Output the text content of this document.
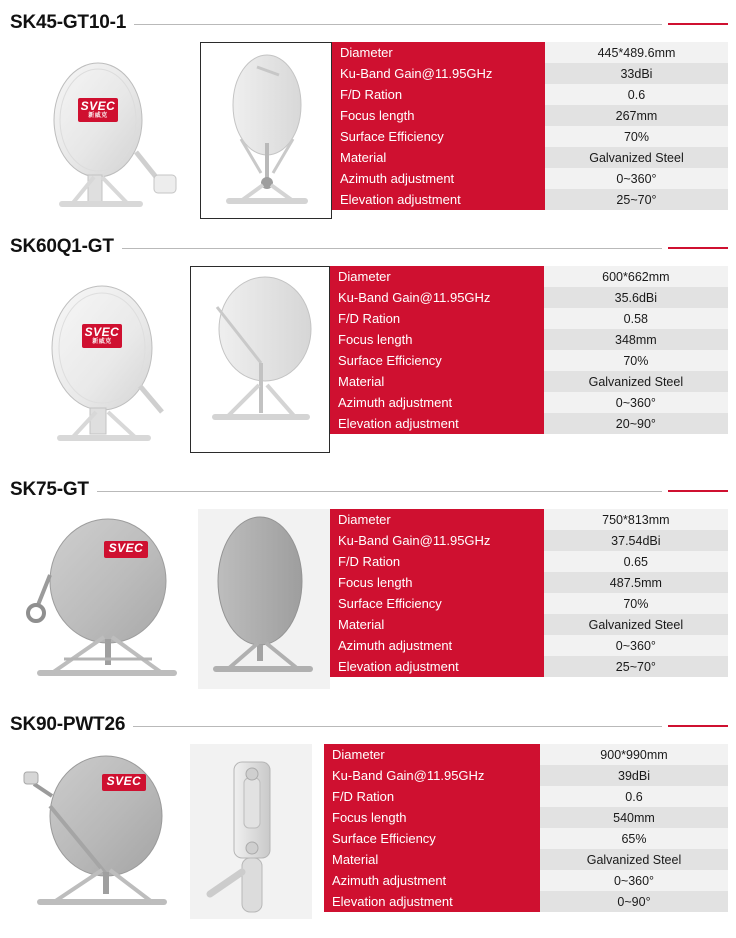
SK45-GT10-1
SVEC
新威克
Diameter	445*489.6mm
Ku-Band Gain@11.95GHz	33dBi
F/D Ration	0.6
Focus length	267mm
Surface Efficiency	70%
Material	Galvanized Steel
Azimuth adjustment	0~360°
Elevation adjustment	25~70°
SK60Q1-GT
SVEC
新威克
Diameter	600*662mm
Ku-Band Gain@11.95GHz	35.6dBi
F/D Ration	0.58
Focus length	348mm
Surface Efficiency	70%
Material	Galvanized Steel
Azimuth adjustment	0~360°
Elevation adjustment	20~90°
SK75-GT
SVEC
Diameter	750*813mm
Ku-Band Gain@11.95GHz	37.54dBi
F/D Ration	0.65
Focus length	487.5mm
Surface Efficiency	70%
Material	Galvanized Steel
Azimuth adjustment	0~360°
Elevation adjustment	25~70°
SK90-PWT26
SVEC
Diameter	900*990mm
Ku-Band Gain@11.95GHz	39dBi
F/D Ration	0.6
Focus length	540mm
Surface Efficiency	65%
Material	Galvanized Steel
Azimuth adjustment	0~360°
Elevation adjustment	0~90°
